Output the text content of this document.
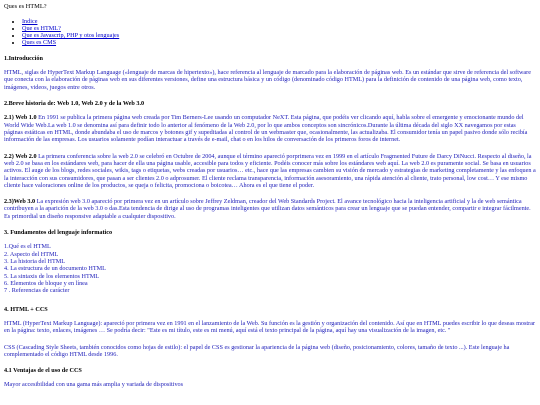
Ques es HTML?
• Indice
• Que es HTML?
• Que es Javascrip, PHP y otos lenguajes
• Ques es CMS
1.Introducción

HTML, siglas de HyperText Markup Language («lenguaje de marcas de hipertexto»), hace referencia al lenguaje de marcado para la elaboración de páginas web. Es un estándar que sirve de referencia del software que conecta con la elaboración de páginas web en sus diferentes versiones, define una estructura básica y un código (denominado código HTML) para la definición de contenido de una página web, como texto, imágenes, videos, juegos entre otros.

2.Breve historia de: Web 1.0, Web 2.0 y de la Web 3.0

2.1) Web 1.0 En 1991 se publica la primera página web creada por Tim Berners-Lee usando un computador NeXT. Esta página, que podéis ver clicando aquí, habla sobre el emergente y emocionante mundo del World Wide Web.La web 1.0 se denomina así para definir todo lo anterior al fenómeno de la Web 2.0, por lo que ambos conceptos son sincrónicos.Durante la última década del siglo XX navegamos por estas páginas estáticas en HTML, donde abundaba el uso de marcos y botones gif y supeditadas al control de un webmaster que, ocasionalmente, las actualizaba. El consumidor tenía un papel pasivo donde sólo recibía información de las empresas. Los usuarios solamente podían interactuar a través de e-mail, chat o en los hilos de conversación de los primeros foros de internet.

2.2) Web 2.0 La primera conferencia sobre la web 2.0 se celebró en Octubre de 2004, aunque el término apareció porprimera vez en 1999 en el artículo Fragmented Future de Darcy DiNucci. Respecto al diseño, la web 2.0 se basa en los estándares web, para hacer de ella una página usable, accesible para todos y eficiente. Podéis conocer más sobre los estándares web aquí. La web 2.0 es puramente social. Se basa en usuarios activos. El auge de los blogs, redes sociales, wikis, tags o etiquetas, webs creadas por usuarios… etc., hace que las empresas cambien su visión de mercado y estrategias de marketing completamente y las enfoquen a la interacción con sus consumidores, que pasan a ser clientes 2.0 o adprosumer. El cliente reclama transparencia, información asesoramiento, una rápida atención al cliente, trato personal, low cost… Y ese mismo cliente hace valoraciones online de los productos, se queja o felicita, promociona o boicotea… Ahora es el que tiene el poder.

2.3)Web 3.0 La expresión web 3.0 apareció por primera vez en un artículo sobre Jeffrey Zeldman, creador del Web Standards Project. El avance tecnológico hacia la inteligencia artificial y la de web semántica contribuyen a la aparición de la web 3.0 o das.Esta tendencia de dirige al uso de programas inteligentes que utilizan datos semánticos para crear un lenguaje que se puedan entender, compartir e integrar fácilmente. Es primordial un diseño responsive adaptable a cualquier dispositivo.

3. Fundamentos del lenguaje informatico
1.Qué es el HTML
2. Aspecto del HTML
3. La historia del HTML
4. La estructura de un documento HTML
5. La sintaxis de los elementos HTML
6. Elementos de bloque y en línea
7 . Referencias de carácter
4. HTML + CCS

HTML (HyperText Markup Language): apareció por primera vez en 1991 en el lanzamiento de la Web. Su función es la gestión y organización del contenido. Así que en HTML puedes escribir lo que deseas mostrar en la página: texto, enlaces, imágenes … Se podría decir: "Este es mi título, este es mi menú, aquí está el texto principal de la página, aquí hay una visualización de la imagen, etc. "

CSS (Cascading Style Sheets, también conocidos como hojas de estilo): el papel de CSS es gestionar la apariencia de la página web (diseño, posicionamiento, colores, tamaño de texto ...). Este lenguaje ha complementado el código HTML desde 1996.

4.1 Ventajas de el uso de CCS
Mayor accesibilidad con una gama más amplia y variada de dispositivos
